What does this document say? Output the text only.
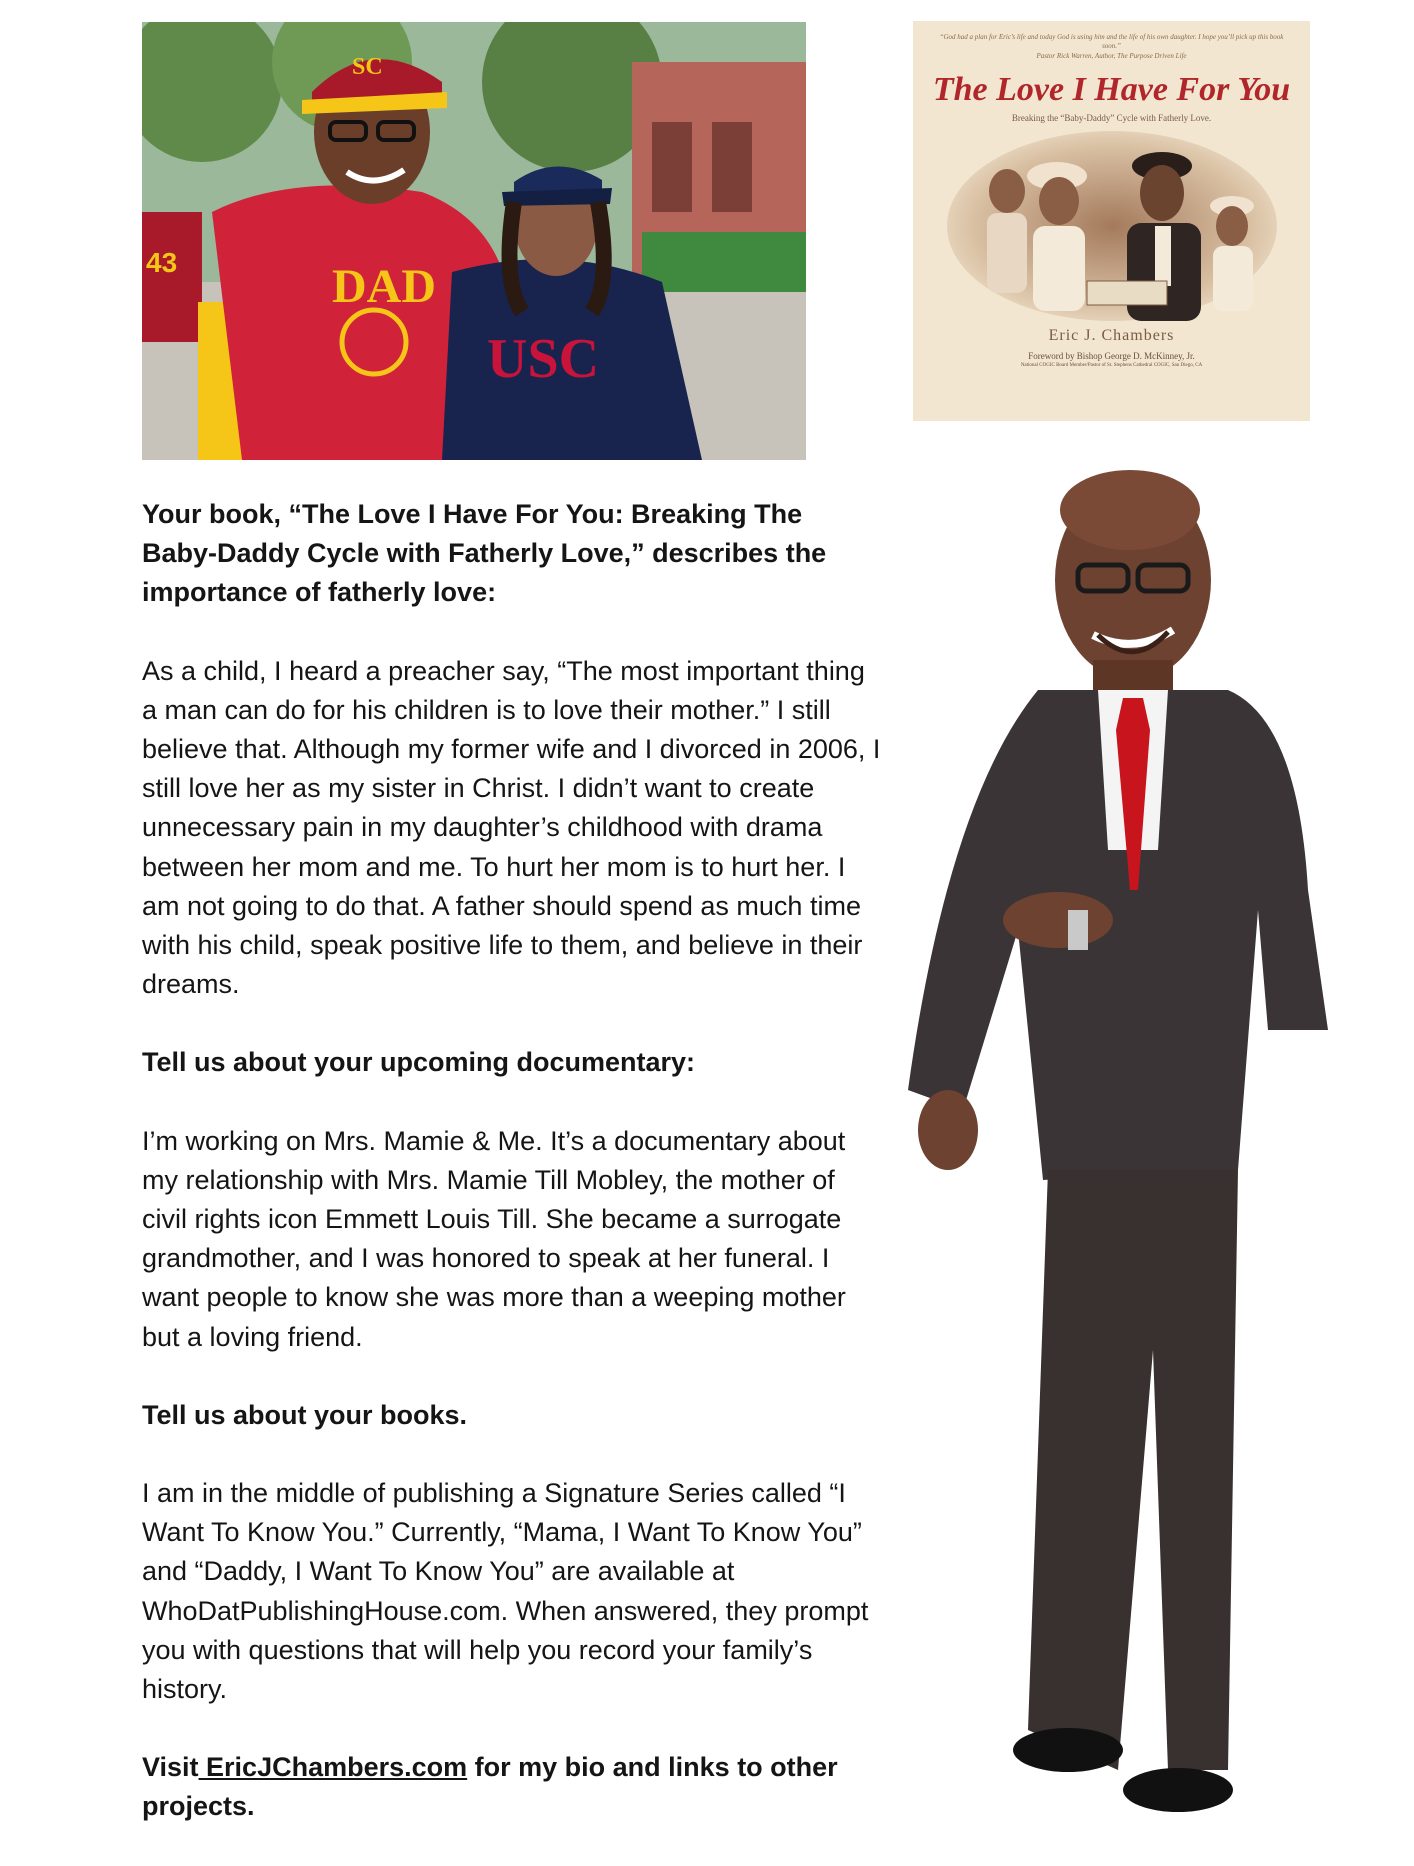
43	DAD
SC
USC
“God had a plan for Eric’s life and today God is using him and the life of his own daughter. I hope you’ll pick up this book soon.”
Pastor Rick Warren, Author, The Purpose Driven Life
The Love I Have For You
Breaking the “Baby-Daddy” Cycle with Fatherly Love.
Eric J. Chambers
Foreword by Bishop George D. McKinney, Jr.
National COGIC Board Member/Pastor of St. Stephens Cathedral COGIC, San Diego, CA

Your book, “The Love I Have For You: Breaking The Baby-Daddy Cycle with Fatherly Love,” describes the importance of fatherly love:

As a child, I heard a preacher say, “The most important thing a man can do for his children is to love their mother.” I still believe that. Although my former wife and I divorced in 2006, I still love her as my sister in Christ. I didn’t want to create unnecessary pain in my daughter’s childhood with drama between her mom and me. To hurt her mom is to hurt her. I am not going to do that. A father should spend as much time with his child, speak positive life to them, and believe in their dreams.

Tell us about your upcoming documentary:

I’m working on Mrs. Mamie & Me. It’s a documentary about my relationship with Mrs. Mamie Till Mobley, the mother of civil rights icon Emmett Louis Till. She became a surrogate grandmother, and I was honored to speak at her funeral. I want people to know she was more than a weeping mother but a loving friend.

Tell us about your books.

I am in the middle of publishing a Signature Series called “I Want To Know You.” Currently, “Mama, I Want To Know You” and “Daddy, I Want To Know You” are available at WhoDatPublishingHouse.com. When answered, they prompt you with questions that will help you record your family’s history.

Visit EricJChambers.com for my bio and links to other projects.
